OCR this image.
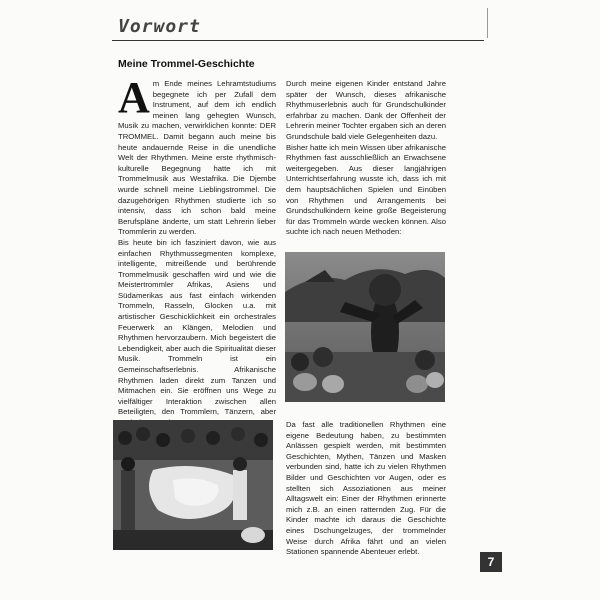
Vorwort
Meine Trommel-Geschichte
A m Ende meines Lehramtstudiums begegnete ich per Zufall dem Instrument, auf dem ich endlich meinen lang gehegten Wunsch, Musik zu machen, verwirklichen konnte: DER TROMMEL. Damit begann auch meine bis heute andauernde Reise in die unendliche Welt der Rhythmen. Meine erste rhythmisch-kulturelle Begegnung hatte ich mit Trommelmusik aus Westafrika. Die Djembe wurde schnell meine Lieblingstrommel. Die dazugehörigen Rhythmen studierte ich so intensiv, dass ich schon bald meine Berufspläne änderte, um statt Lehrerin lieber Trommlerin zu werden.

Bis heute bin ich fasziniert davon, wie aus einfachen Rhythmussegmenten komplexe, intelligente, mitreißende und berührende Trommelmusik geschaffen wird und wie die Meistertrommler Afrikas, Asiens und Südamerikas aus fast einfach wirkenden Trommeln, Rasseln, Glocken u.a. mit artistischer Geschicklichkeit ein orchestrales Feuerwerk an Klängen, Melodien und Rhythmen hervorzaubern. Mich begeistert die Lebendigkeit, aber auch die Spiritualität dieser Musik. Trommeln ist ein Gemeinschaftserlebnis. Afrikanische Rhythmen laden direkt zum Tanzen und Mitmachen ein. Sie eröffnen uns Wege zu vielfältiger Interaktion zwischen allen Beteiligten, den Trommlern, Tänzern, aber

Durch meine eigenen Kinder entstand Jahre später der Wunsch, dieses afrikanische Rhythmuserlebnis auch für Grundschulkinder erfahrbar zu machen. Dank der Offenheit der Lehrerin meiner Tochter ergaben sich an deren Grundschule bald viele Gelegenheiten dazu.

Bisher hatte ich mein Wissen über afrikanische Rhythmen fast ausschließlich an Erwachsene weitergegeben. Aus dieser langjährigen Unterrichtserfahrung wusste ich, dass ich mit dem hauptsächlichen Spielen und Einüben von Rhythmen und Arrangements bei Grundschulkindern keine große Begeisterung für das Trommeln würde wecken können. Also suchte ich nach neuen Methoden:

Da fast alle traditionellen Rhythmen eine eigene Bedeutung haben, zu bestimmten Anlässen gespielt werden, mit bestimmten Geschichten, Mythen, Tänzen und Masken verbunden sind, hatte ich zu vielen Rhythmen Bilder und Geschichten vor Augen, oder es stellten sich Assoziationen aus meiner Alltagswelt ein: Einer der Rhythmen erinnerte mich z.B. an einen ratternden Zug. Für die Kinder machte ich daraus die Geschichte eines Dschungelzuges, der trommelnder Weise durch Afrika fährt und an vielen Stationen spannende Abenteuer erlebt.

7
